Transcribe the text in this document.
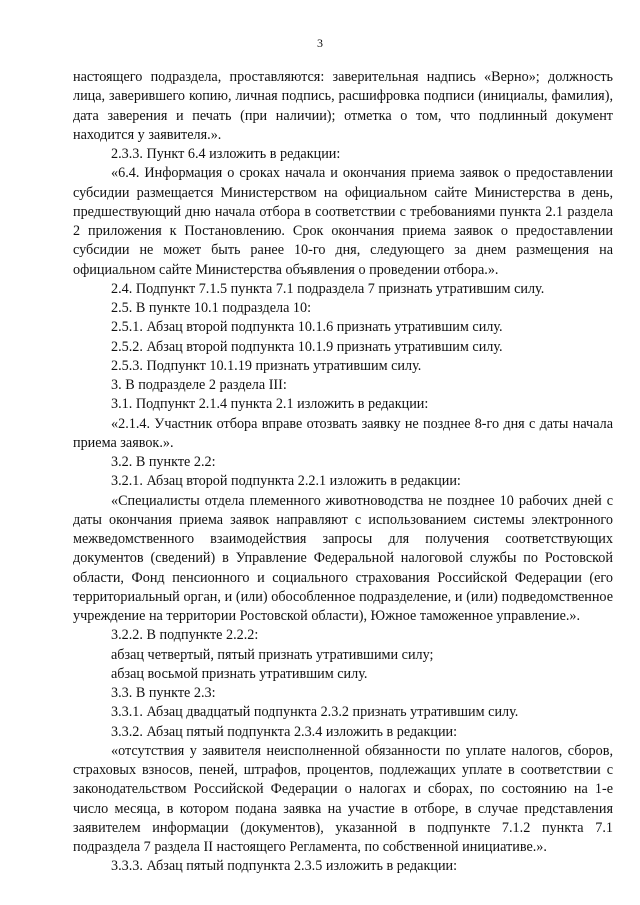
3

настоящего подраздела, проставляются: заверительная надпись «Верно»; должность лица, заверившего копию, личная подпись, расшифровка подписи (инициалы, фамилия), дата заверения и печать (при наличии); отметка о том, что подлинный документ находится у заявителя.».

2.3.3. Пункт 6.4 изложить в редакции:

«6.4. Информация о сроках начала и окончания приема заявок о предоставлении субсидии размещается Министерством на официальном сайте Министерства в день, предшествующий дню начала отбора в соответствии с требованиями пункта 2.1 раздела 2 приложения к Постановлению. Срок окончания приема заявок о предоставлении субсидии не может быть ранее 10-го дня, следующего за днем размещения на официальном сайте Министерства объявления о проведении отбора.».

2.4. Подпункт 7.1.5 пункта 7.1 подраздела 7 признать утратившим силу.

2.5. В пункте 10.1 подраздела 10:

2.5.1. Абзац второй подпункта 10.1.6 признать утратившим силу.

2.5.2. Абзац второй подпункта 10.1.9 признать утратившим силу.

2.5.3. Подпункт 10.1.19 признать утратившим силу.

3. В подразделе 2 раздела III:

3.1. Подпункт 2.1.4 пункта 2.1 изложить в редакции:

«2.1.4. Участник отбора вправе отозвать заявку не позднее 8-го дня с даты начала приема заявок.».

3.2. В пункте 2.2:

3.2.1. Абзац второй подпункта 2.2.1 изложить в редакции:

«Специалисты отдела племенного животноводства не позднее 10 рабочих дней с даты окончания приема заявок направляют с использованием системы электронного межведомственного взаимодействия запросы для получения соответствующих документов (сведений) в Управление Федеральной налоговой службы по Ростовской области, Фонд пенсионного и социального страхования Российской Федерации (его территориальный орган, и (или) обособленное подразделение, и (или) подведомственное учреждение на территории Ростовской области), Южное таможенное управление.».

3.2.2. В подпункте 2.2.2:

абзац четвертый, пятый признать утратившими силу;

абзац восьмой признать утратившим силу.

3.3. В пункте 2.3:

3.3.1. Абзац двадцатый подпункта 2.3.2 признать утратившим силу.

3.3.2. Абзац пятый подпункта 2.3.4 изложить в редакции:

«отсутствия у заявителя неисполненной обязанности по уплате налогов, сборов, страховых взносов, пеней, штрафов, процентов, подлежащих уплате в соответствии с законодательством Российской Федерации о налогах и сборах, по состоянию на 1-е число месяца, в котором подана заявка на участие в отборе, в случае представления заявителем информации (документов), указанной в подпункте 7.1.2 пункта 7.1 подраздела 7 раздела II настоящего Регламента, по собственной инициативе.».

3.3.3. Абзац пятый подпункта 2.3.5 изложить в редакции:
